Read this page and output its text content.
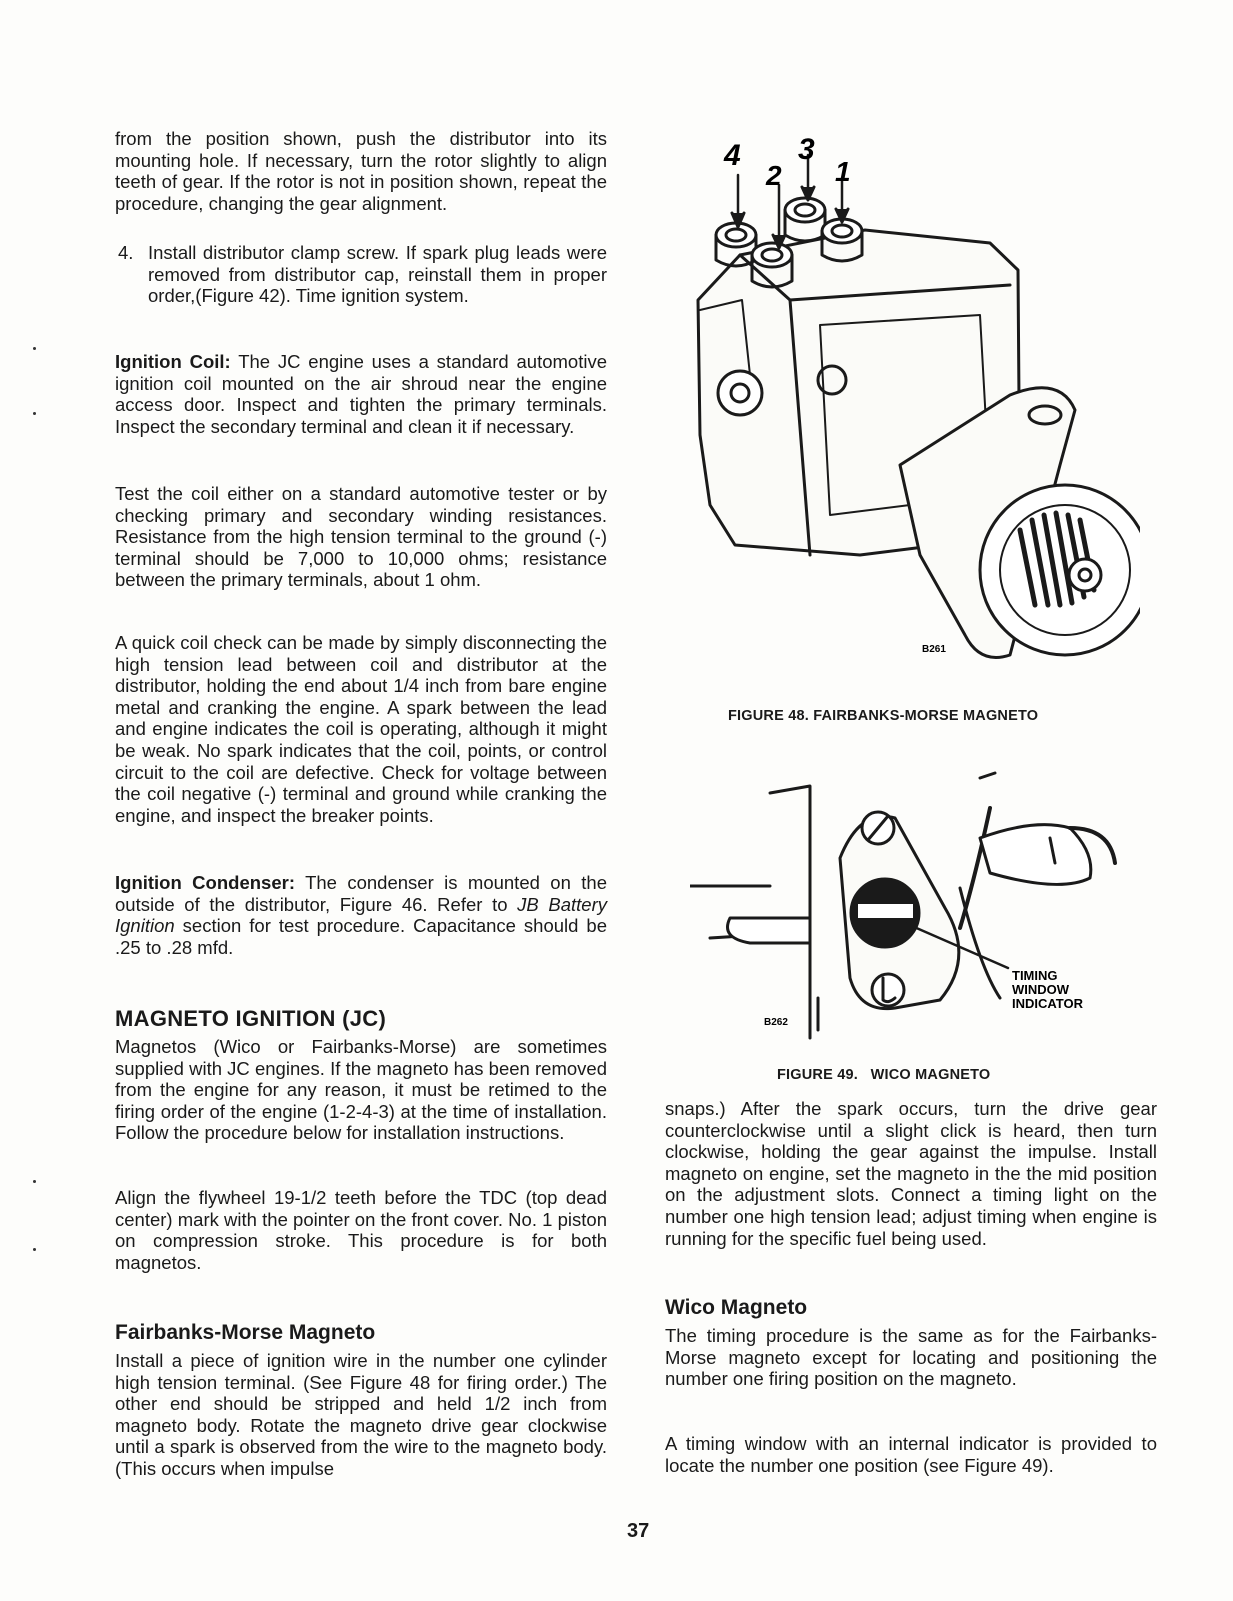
from the position shown, push the distributor into its mounting hole. If necessary, turn the rotor slightly to align teeth of gear. If the rotor is not in position shown, repeat the procedure, changing the gear alignment.

4. Install distributor clamp screw. If spark plug leads were removed from distributor cap, reinstall them in proper order,(Figure 42). Time ignition system.

Ignition Coil: The JC engine uses a standard automotive ignition coil mounted on the air shroud near the engine access door. Inspect and tighten the primary terminals. Inspect the secondary terminal and clean it if necessary.

Test the coil either on a standard automotive tester or by checking primary and secondary winding resistances. Resistance from the high tension terminal to the ground (-) terminal should be 7,000 to 10,000 ohms; resistance between the primary terminals, about 1 ohm.

A quick coil check can be made by simply disconnecting the high tension lead between coil and distributor at the distributor, holding the end about 1/4 inch from bare engine metal and cranking the engine. A spark between the lead and engine indicates the coil is operating, although it might be weak. No spark indicates that the coil, points, or control circuit to the coil are defective. Check for voltage between the coil negative (-) terminal and ground while cranking the engine, and inspect the breaker points.

Ignition Condenser: The condenser is mounted on the outside of the distributor, Figure 46. Refer to JB Battery Ignition section for test procedure. Capacitance should be .25 to .28 mfd.

MAGNETO IGNITION (JC)

Magnetos (Wico or Fairbanks-Morse) are sometimes supplied with JC engines. If the magneto has been removed from the engine for any reason, it must be retimed to the firing order of the engine (1-2-4-3) at the time of installation. Follow the procedure below for installation instructions.

Align the flywheel 19-1/2 teeth before the TDC (top dead center) mark with the pointer on the front cover. No. 1 piston on compression stroke. This procedure is for both magnetos.

Fairbanks-Morse Magneto

Install a piece of ignition wire in the number one cylinder high tension terminal. (See Figure 48 for firing order.) The other end should be stripped and held 1/2 inch from magneto body. Rotate the magneto drive gear clockwise until a spark is observed from the wire to the magneto body. (This occurs when impulse

4 3
2 1
B261

FIGURE 48. FAIRBANKS-MORSE MAGNETO

TIMING
WINDOW
INDICATOR
B262

FIGURE 49.   WICO MAGNETO

snaps.) After the spark occurs, turn the drive gear counterclockwise until a slight click is heard, then turn clockwise, holding the gear against the impulse. Install magneto on engine, set the magneto in the the mid position on the adjustment slots. Connect a timing light on the number one high tension lead; adjust timing when engine is running for the specific fuel being used.

Wico Magneto

The timing procedure is the same as for the Fairbanks-Morse magneto except for locating and positioning the number one firing position on the magneto.

A timing window with an internal indicator is provided to locate the number one position (see Figure 49).

37
